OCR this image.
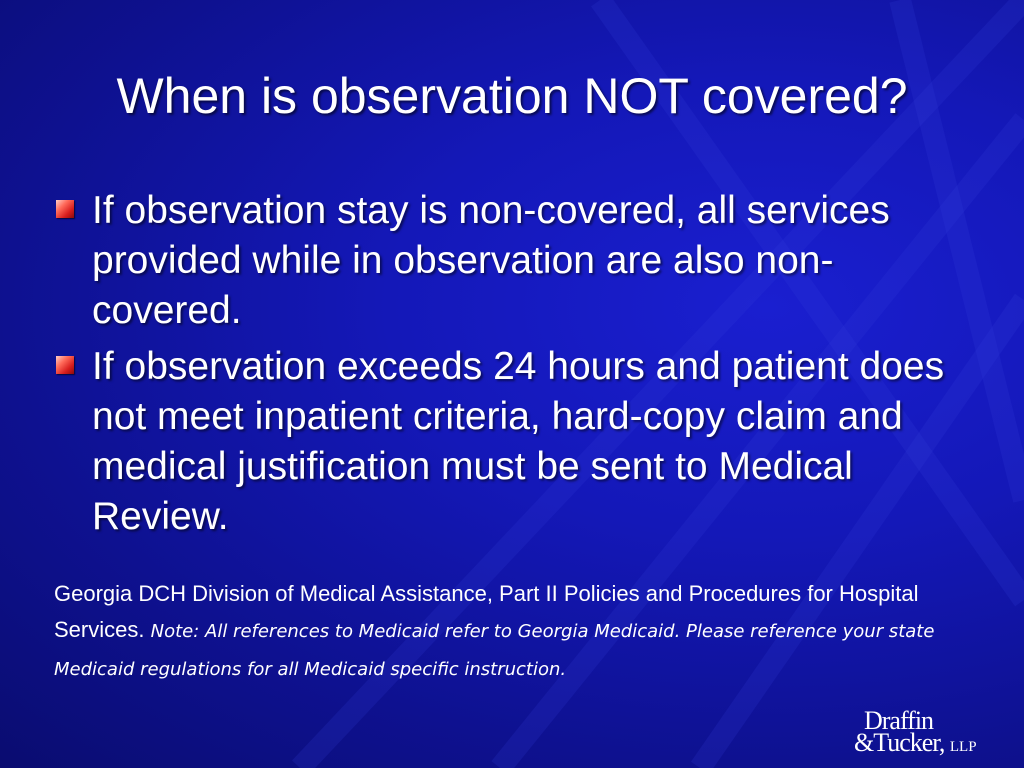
When is observation NOT covered?
If observation stay is non-covered, all services provided while in observation are also non-covered.
If observation exceeds 24 hours and patient does not meet inpatient criteria, hard-copy claim and medical justification must be sent to Medical Review.

Georgia DCH Division of Medical Assistance, Part II Policies and Procedures for Hospital Services. Note: All references to Medicaid refer to Georgia Medicaid. Please reference your state Medicaid regulations for all Medicaid specific instruction.

Draffin
&Tucker, LLP
